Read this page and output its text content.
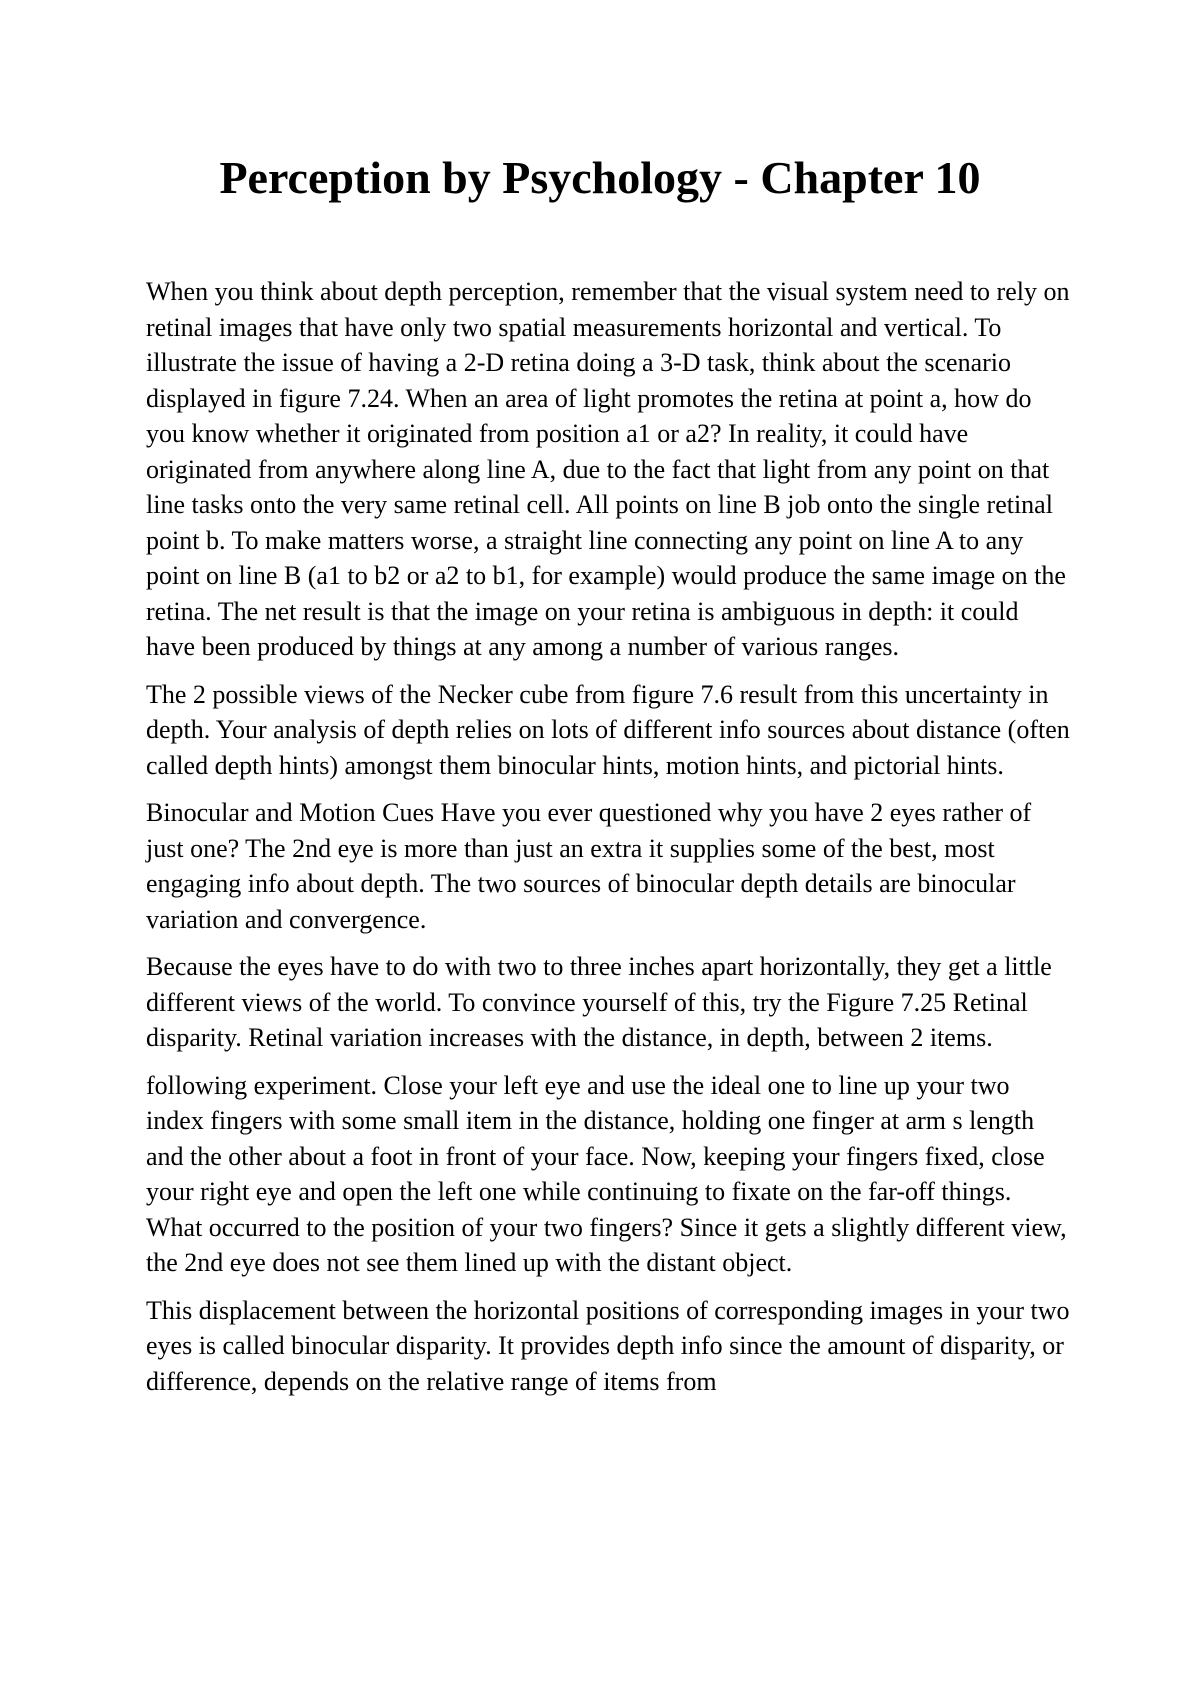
Perception by Psychology - Chapter 10

When you think about depth perception, remember that the visual system need to rely on retinal images that have only two spatial measurements horizontal and vertical. To illustrate the issue of having a 2-D retina doing a 3-D task, think about the scenario displayed in figure 7.24. When an area of light promotes the retina at point a, how do you know whether it originated from position a1 or a2? In reality, it could have originated from anywhere along line A, due to the fact that light from any point on that line tasks onto the very same retinal cell. All points on line B job onto the single retinal point b. To make matters worse, a straight line connecting any point on line A to any point on line B (a1 to b2 or a2 to b1, for example) would produce the same image on the retina. The net result is that the image on your retina is ambiguous in depth: it could have been produced by things at any among a number of various ranges.

The 2 possible views of the Necker cube from figure 7.6 result from this uncertainty in depth. Your analysis of depth relies on lots of different info sources about distance (often called depth hints) amongst them binocular hints, motion hints, and pictorial hints.

Binocular and Motion Cues Have you ever questioned why you have 2 eyes rather of just one? The 2nd eye is more than just an extra it supplies some of the best, most engaging info about depth. The two sources of binocular depth details are binocular variation and convergence.

Because the eyes have to do with two to three inches apart horizontally, they get a little different views of the world. To convince yourself of this, try the Figure 7.25 Retinal disparity. Retinal variation increases with the distance, in depth, between 2 items.

following experiment. Close your left eye and use the ideal one to line up your two index fingers with some small item in the distance, holding one finger at arm s length and the other about a foot in front of your face. Now, keeping your fingers fixed, close your right eye and open the left one while continuing to fixate on the far-off things. What occurred to the position of your two fingers? Since it gets a slightly different view, the 2nd eye does not see them lined up with the distant object.

This displacement between the horizontal positions of corresponding images in your two eyes is called binocular disparity. It provides depth info since the amount of disparity, or difference, depends on the relative range of items from
